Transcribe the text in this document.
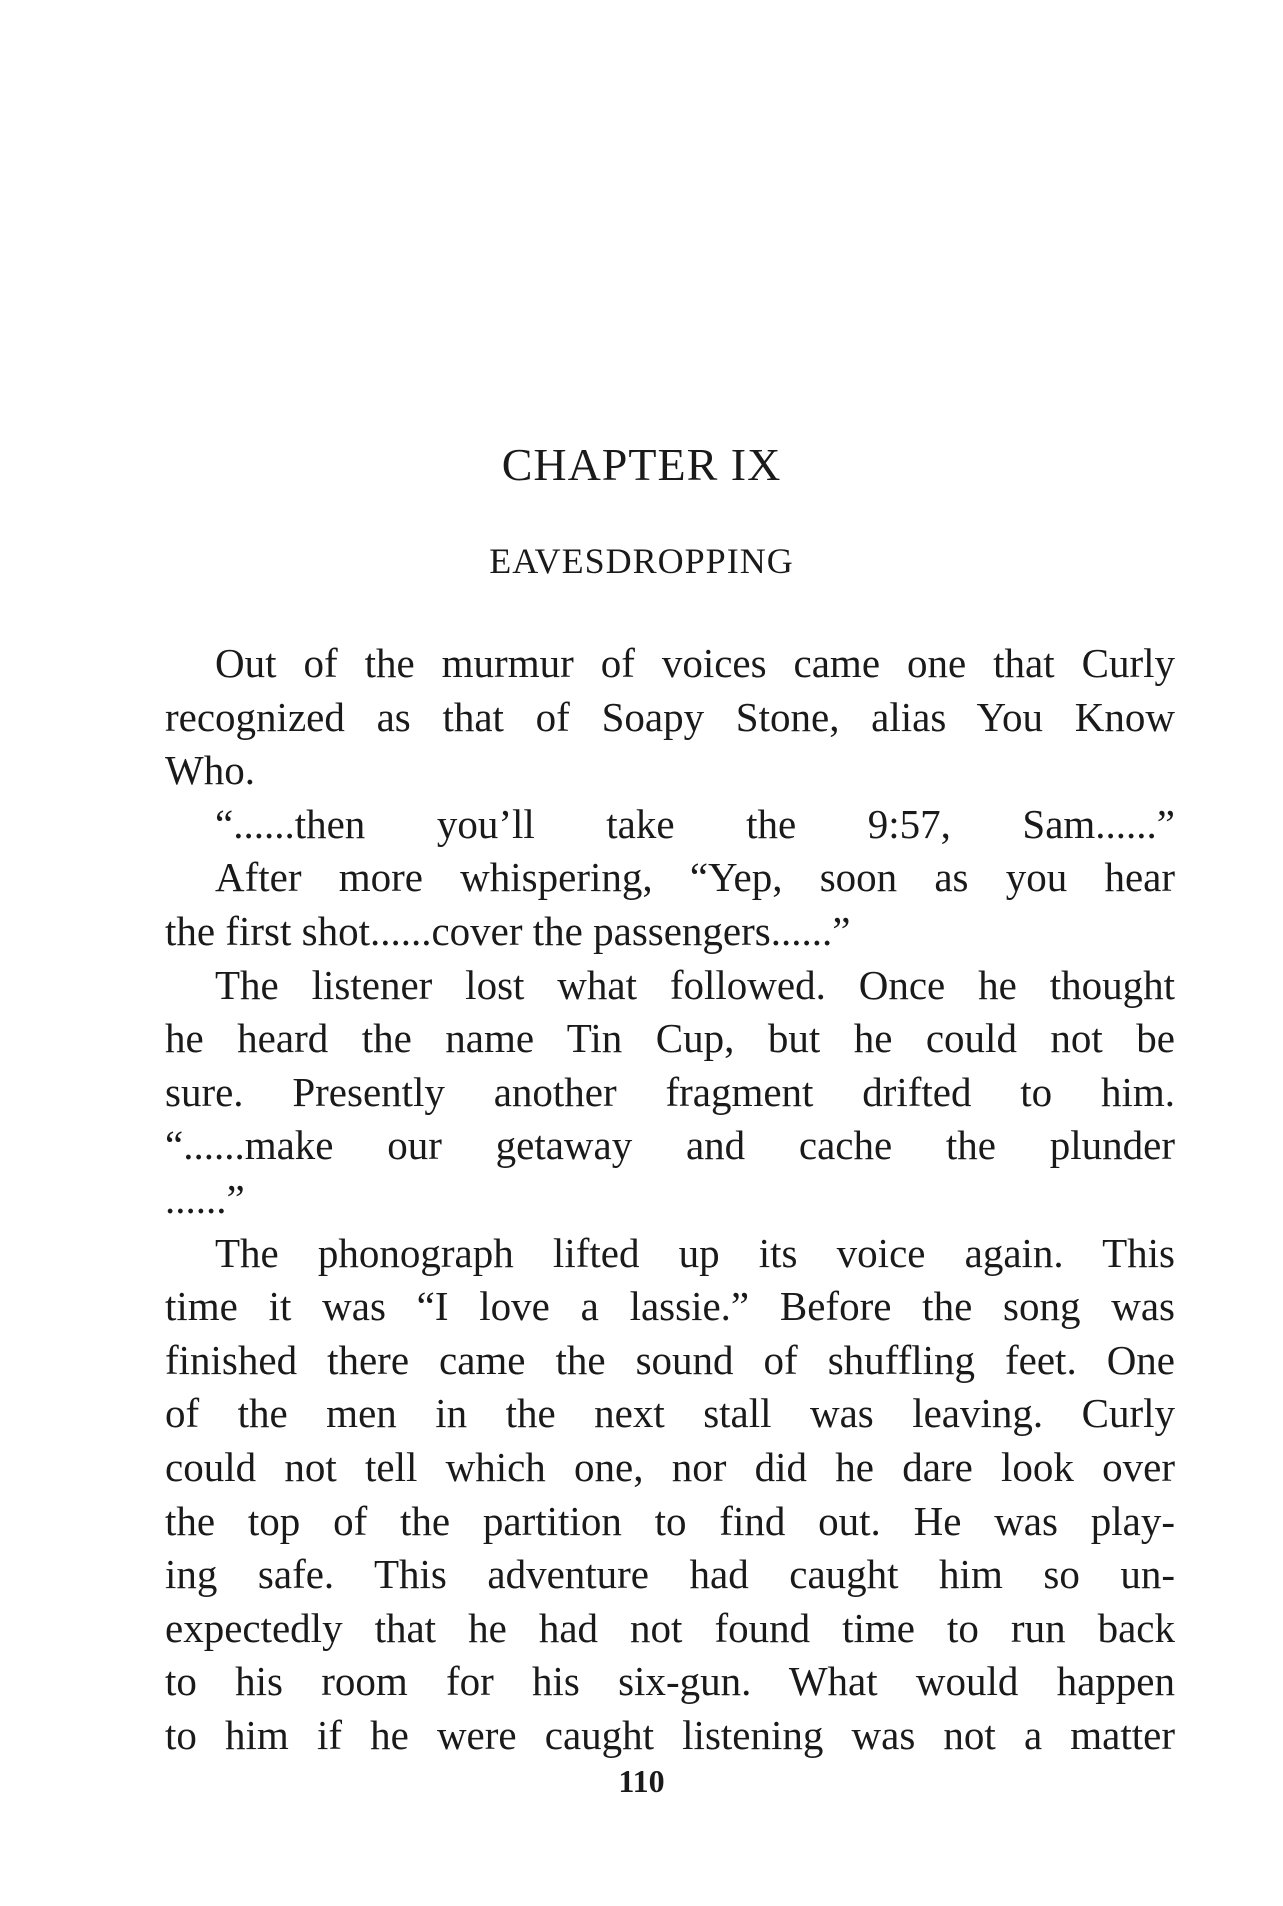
CHAPTER IX
EAVESDROPPING
Out of the murmur of voices came one that Curly
recognized as that of Soapy Stone, alias You Know
Who.
“......then you’ll take the 9:57, Sam......”
After more whispering, “Yep, soon as you hear
the first shot......cover the passengers......”
The listener lost what followed. Once he thought
he heard the name Tin Cup, but he could not be
sure. Presently another fragment drifted to him.
“......make our getaway and cache the plunder
......”
The phonograph lifted up its voice again. This
time it was “I love a lassie.” Before the song was
finished there came the sound of shuffling feet. One
of the men in the next stall was leaving. Curly
could not tell which one, nor did he dare look over
the top of the partition to find out. He was play-
ing safe. This adventure had caught him so un-
expectedly that he had not found time to run back
to his room for his six-gun. What would happen
to him if he were caught listening was not a matter
110
